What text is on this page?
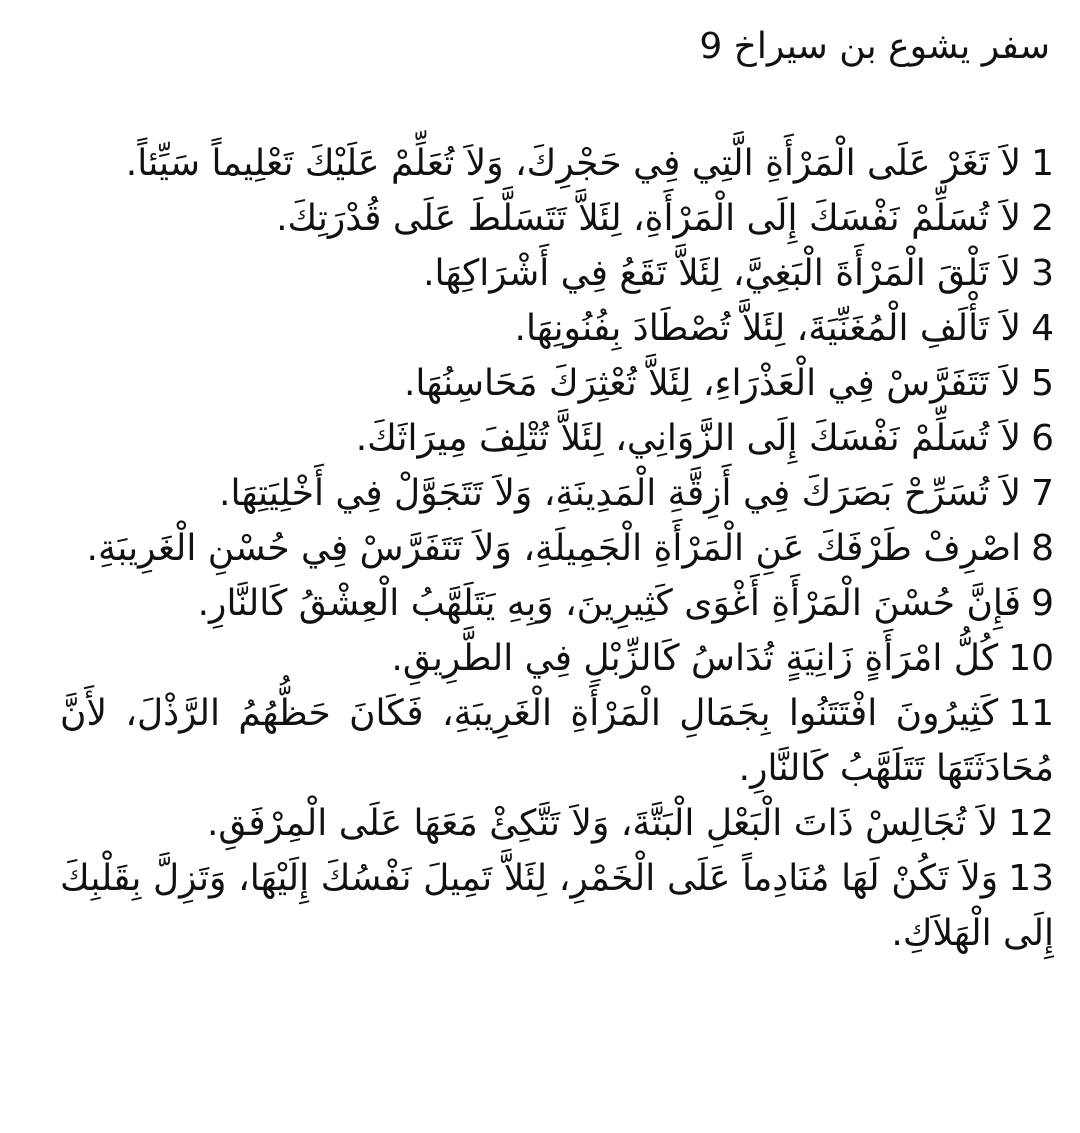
سفر يشوع بن سيراخ 9

1لاَ تَغَرْ عَلَى الْمَرْأَةِ الَّتِي فِي حَجْرِكَ، وَلاَ تُعَلِّمْ عَلَيْكَ تَعْلِيماً سَيِّئاً.

2لاَ تُسَلِّمْ نَفْسَكَ إِلَى الْمَرْأَةِ، لِئَلاَّ تَتَسَلَّطَ عَلَى قُدْرَتِكَ.

3لاَ تَلْقَ الْمَرْأَةَ الْبَغِيَّ، لِئَلاَّ تَقَعُ فِي أَشْرَاكِهَا.

4لاَ تَأْلَفِ الْمُغَنِّيَةَ، لِئَلاَّ تُصْطَادَ بِفُنُونِهَا.

5لاَ تَتَفَرَّسْ فِي الْعَذْرَاءِ، لِئَلاَّ تُعْثِرَكَ مَحَاسِنُهَا.

6لاَ تُسَلِّمْ نَفْسَكَ إِلَى الزَّوَانِي، لِئَلاَّ تُتْلِفَ مِيرَاثَكَ.

7لاَ تُسَرِّحْ بَصَرَكَ فِي أَزِقَّةِ الْمَدِينَةِ، وَلاَ تَتَجَوَّلْ فِي أَخْلِيَتِهَا.

8اصْرِفْ طَرْفَكَ عَنِ الْمَرْأَةِ الْجَمِيلَةِ، وَلاَ تَتَفَرَّسْ فِي حُسْنِ الْغَرِيبَةِ.

9فَإِنَّ حُسْنَ الْمَرْأَةِ أَغْوَى كَثِيرِينَ، وَبِهِ يَتَلَهَّبُ الْعِشْقُ كَالنَّارِ.

10كُلُّ امْرَأَةٍ زَانِيَةٍ تُدَاسُ كَالزِّبْلِ فِي الطَّرِيقِ.

11كَثِيرُونَ افْتَتَنُوا بِجَمَالِ الْمَرْأَةِ الْغَرِيبَةِ، فَكَانَ حَظُّهُمُ الرَّذْلَ، لأَنَّ مُحَادَثَتَهَا تَتَلَهَّبُ كَالنَّارِ.

12لاَ تُجَالِسْ ذَاتَ الْبَعْلِ الْبَتَّةَ، وَلاَ تَتَّكِئْ مَعَهَا عَلَى الْمِرْفَقِ.

13وَلاَ تَكُنْ لَهَا مُنَادِماً عَلَى الْخَمْرِ، لِئَلاَّ تَمِيلَ نَفْسُكَ إِلَيْهَا، وَتَزِلَّ بِقَلْبِكَ إِلَى الْهَلاَكِ.
